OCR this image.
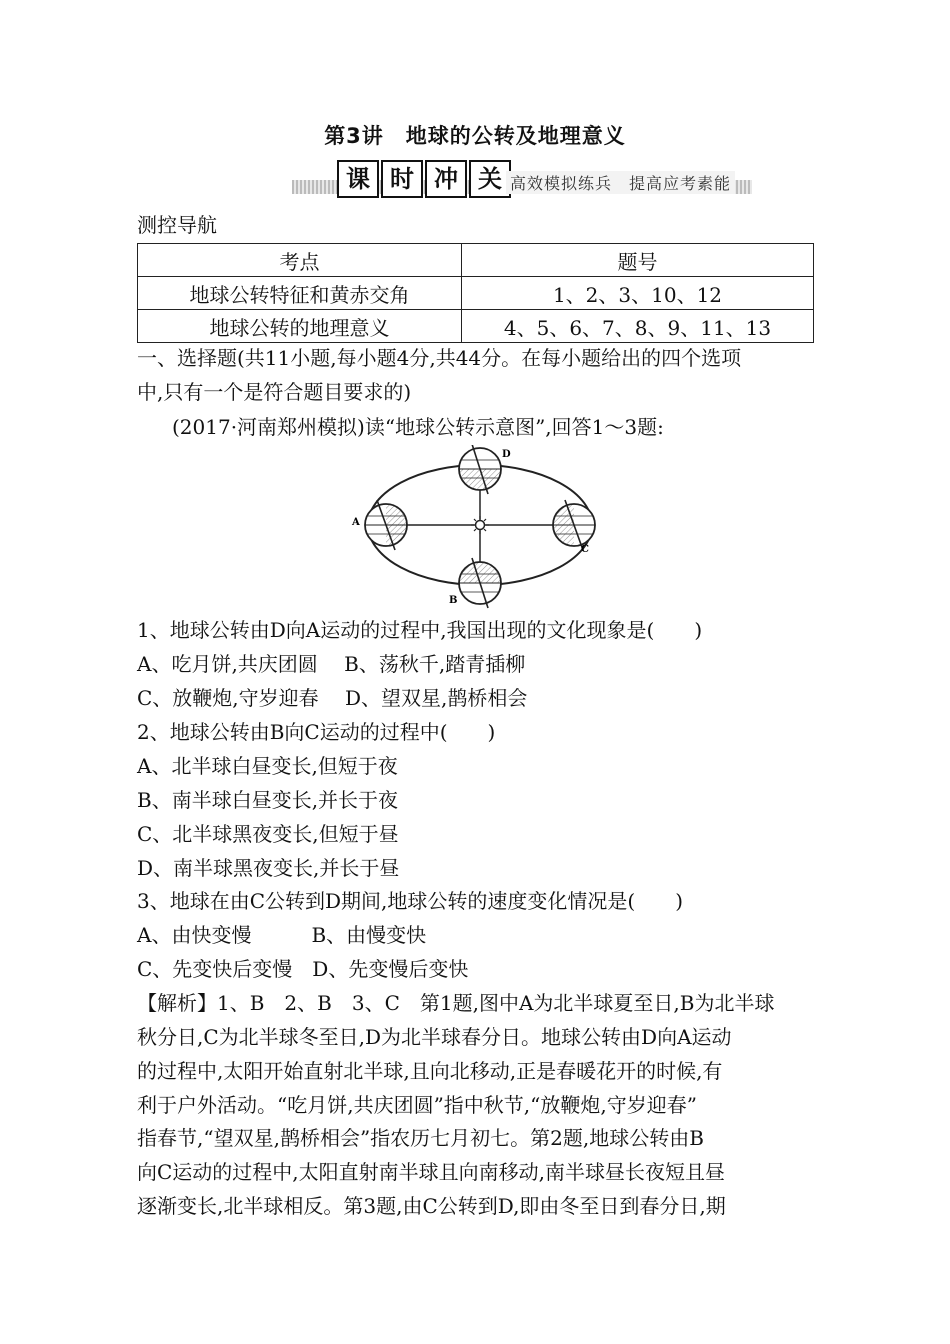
第3讲　地球的公转及地理意义
课 时 冲 关 高效模拟练兵　提高应考素能
测控导航
考点	题号
地球公转特征和黄赤交角	1、2、3、10、12
地球公转的地理意义	4、5、6、7、8、9、11、13
一、选择题(共11小题,每小题4分,共44分。在每小题给出的四个选项
中,只有一个是符合题目要求的)
(2017·河南郑州模拟)读“地球公转示意图”,回答1～3题:
A
B
C
D
1、地球公转由D向A运动的过程中,我国出现的文化现象是(　　)
A、吃月饼,共庆团圆　 B、荡秋千,踏青插柳
C、放鞭炮,守岁迎春　 D、望双星,鹊桥相会
2、地球公转由B向C运动的过程中(　　)
A、北半球白昼变长,但短于夜
B、南半球白昼变长,并长于夜
C、北半球黑夜变长,但短于昼
D、南半球黑夜变长,并长于昼
3、地球在由C公转到D期间,地球公转的速度变化情况是(　　)
A、由快变慢　　　B、由慢变快
C、先变快后变慢　D、先变慢后变快
【解析】1、B　2、B　3、C　第1题,图中A为北半球夏至日,B为北半球
秋分日,C为北半球冬至日,D为北半球春分日。地球公转由D向A运动
的过程中,太阳开始直射北半球,且向北移动,正是春暖花开的时候,有
利于户外活动。“吃月饼,共庆团圆”指中秋节,“放鞭炮,守岁迎春”
指春节,“望双星,鹊桥相会”指农历七月初七。第2题,地球公转由B
向C运动的过程中,太阳直射南半球且向南移动,南半球昼长夜短且昼
逐渐变长,北半球相反。第3题,由C公转到D,即由冬至日到春分日,期
